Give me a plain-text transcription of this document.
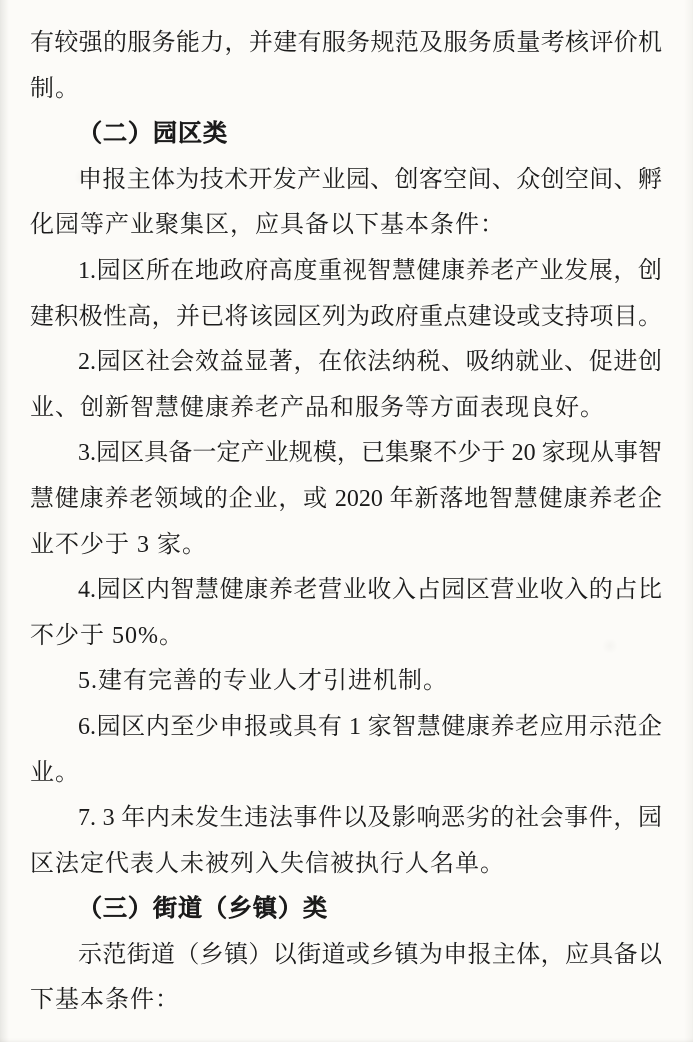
有较强的服务能力，并建有服务规范及服务质量考核评价机
制。
（二）园区类
申报主体为技术开发产业园、创客空间、众创空间、孵
化园等产业聚集区，应具备以下基本条件：
1.园区所在地政府高度重视智慧健康养老产业发展，创
建积极性高，并已将该园区列为政府重点建设或支持项目。
2.园区社会效益显著，在依法纳税、吸纳就业、促进创
业、创新智慧健康养老产品和服务等方面表现良好。
3.园区具备一定产业规模，已集聚不少于 20 家现从事智
慧健康养老领域的企业，或 2020 年新落地智慧健康养老企
业不少于 3 家。
4.园区内智慧健康养老营业收入占园区营业收入的占比
不少于 50%。
5.建有完善的专业人才引进机制。
6.园区内至少申报或具有 1 家智慧健康养老应用示范企
业。
7. 3 年内未发生违法事件以及影响恶劣的社会事件，园
区法定代表人未被列入失信被执行人名单。
（三）街道（乡镇）类
示范街道（乡镇）以街道或乡镇为申报主体，应具备以
下基本条件：
